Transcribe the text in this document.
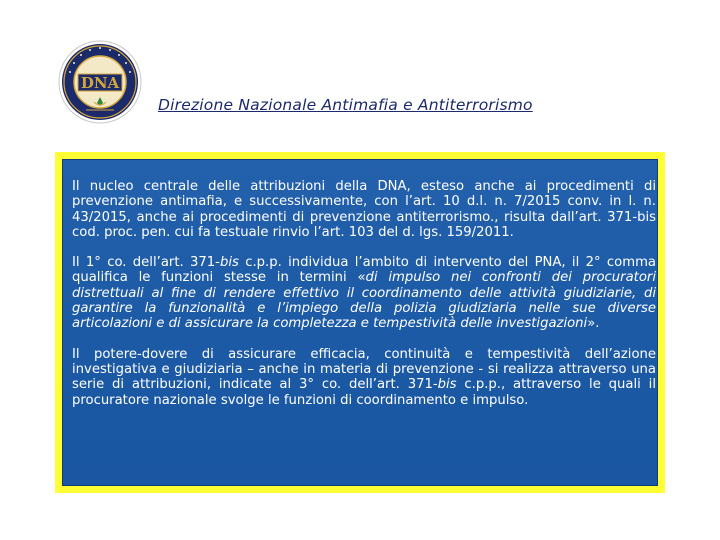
DNA
Direzione Nazionale Antimafia e Antiterrorismo

Il nucleo centrale delle attribuzioni della DNA, esteso anche ai procedimenti di prevenzione antimafia, e successivamente, con l’art. 10 d.l. n. 7/2015 conv. in l. n. 43/2015, anche ai procedimenti di prevenzione antiterrorismo., risulta dall’art. 371-bis cod. proc. pen. cui fa testuale rinvio l’art. 103 del d. lgs. 159/2011.

Il 1° co. dell’art. 371-bis c.p.p. individua l’ambito di intervento del PNA, il 2° comma qualifica le funzioni stesse in termini «di impulso nei confronti dei procuratori distrettuali al fine di rendere effettivo il coordinamento delle attività giudiziarie, di garantire la funzionalità e l’impiego della polizia giudiziaria nelle sue diverse articolazioni e di assicurare la completezza e tempestività delle investigazioni».

Il potere-dovere di assicurare efficacia, continuità e tempestività dell’azione investigativa e giudiziaria – anche in materia di prevenzione - si realizza attraverso una serie di attribuzioni, indicate al 3° co. dell’art. 371-bis c.p.p., attraverso le quali il procuratore nazionale svolge le funzioni di coordinamento e impulso.
